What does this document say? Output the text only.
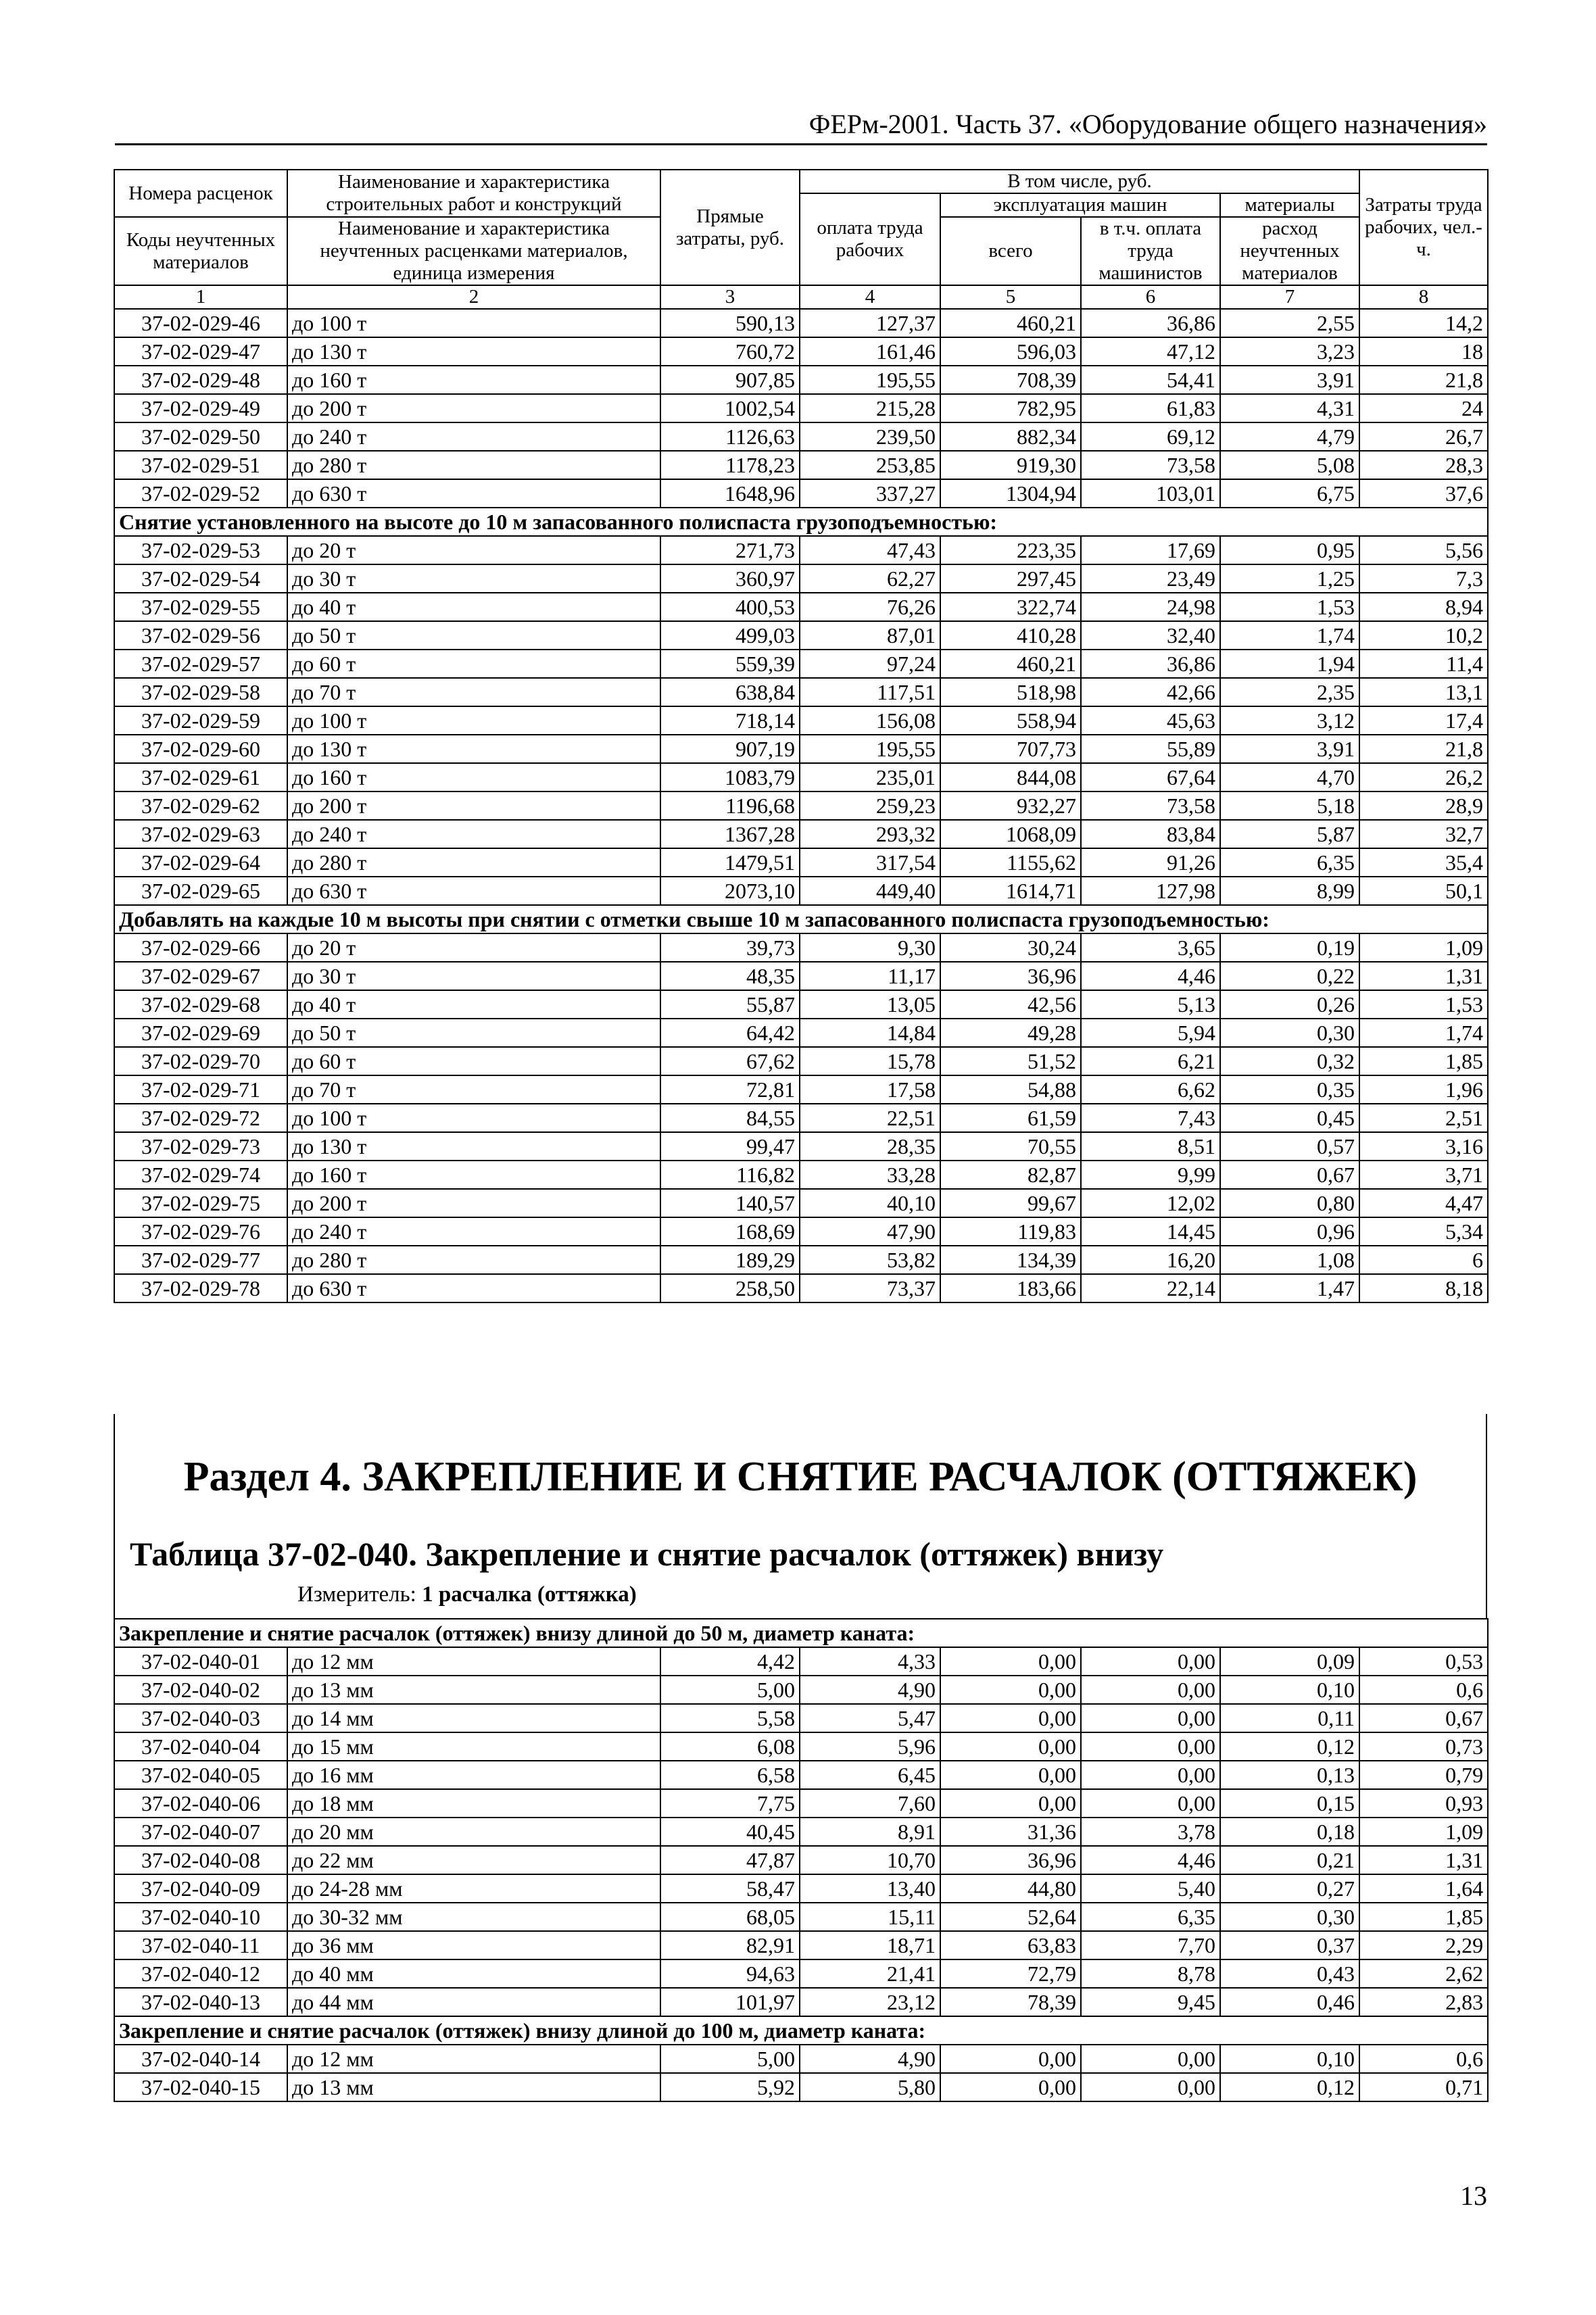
ФЕРм-2001. Часть 37. «Оборудование общего назначения»
Номера расценок	Наименование и характеристика строительных работ и конструкций	Прямые затраты, руб.	В том числе, руб.				Затраты труда рабочих, чел.-ч.
			оплата труда рабочих	эксплуатация машин		материалы	
Коды неучтенных материалов	Наименование и характеристика неучтенных расценками материалов, единица измерения			всего	в т.ч. оплата труда машинистов	расход неучтенных материалов	

1	2	3	4	5	6	7	8
37-02-029-46	до 100 т	590,13	127,37	460,21	36,86	2,55	14,2
37-02-029-47	до 130 т	760,72	161,46	596,03	47,12	3,23	18
37-02-029-48	до 160 т	907,85	195,55	708,39	54,41	3,91	21,8
37-02-029-49	до 200 т	1002,54	215,28	782,95	61,83	4,31	24
37-02-029-50	до 240 т	1126,63	239,50	882,34	69,12	4,79	26,7
37-02-029-51	до 280 т	1178,23	253,85	919,30	73,58	5,08	28,3
37-02-029-52	до 630 т	1648,96	337,27	1304,94	103,01	6,75	37,6
Снятие установленного на высоте до 10 м запасованного полиспаста грузоподъемностью:							
37-02-029-53	до 20 т	271,73	47,43	223,35	17,69	0,95	5,56
37-02-029-54	до 30 т	360,97	62,27	297,45	23,49	1,25	7,3
37-02-029-55	до 40 т	400,53	76,26	322,74	24,98	1,53	8,94
37-02-029-56	до 50 т	499,03	87,01	410,28	32,40	1,74	10,2
37-02-029-57	до 60 т	559,39	97,24	460,21	36,86	1,94	11,4
37-02-029-58	до 70 т	638,84	117,51	518,98	42,66	2,35	13,1
37-02-029-59	до 100 т	718,14	156,08	558,94	45,63	3,12	17,4
37-02-029-60	до 130 т	907,19	195,55	707,73	55,89	3,91	21,8
37-02-029-61	до 160 т	1083,79	235,01	844,08	67,64	4,70	26,2
37-02-029-62	до 200 т	1196,68	259,23	932,27	73,58	5,18	28,9
37-02-029-63	до 240 т	1367,28	293,32	1068,09	83,84	5,87	32,7
37-02-029-64	до 280 т	1479,51	317,54	1155,62	91,26	6,35	35,4
37-02-029-65	до 630 т	2073,10	449,40	1614,71	127,98	8,99	50,1
Добавлять на каждые 10 м высоты при снятии с отметки свыше 10 м запасованного полиспаста грузоподъемностью:							
37-02-029-66	до 20 т	39,73	9,30	30,24	3,65	0,19	1,09
37-02-029-67	до 30 т	48,35	11,17	36,96	4,46	0,22	1,31
37-02-029-68	до 40 т	55,87	13,05	42,56	5,13	0,26	1,53
37-02-029-69	до 50 т	64,42	14,84	49,28	5,94	0,30	1,74
37-02-029-70	до 60 т	67,62	15,78	51,52	6,21	0,32	1,85
37-02-029-71	до 70 т	72,81	17,58	54,88	6,62	0,35	1,96
37-02-029-72	до 100 т	84,55	22,51	61,59	7,43	0,45	2,51
37-02-029-73	до 130 т	99,47	28,35	70,55	8,51	0,57	3,16
37-02-029-74	до 160 т	116,82	33,28	82,87	9,99	0,67	3,71
37-02-029-75	до 200 т	140,57	40,10	99,67	12,02	0,80	4,47
37-02-029-76	до 240 т	168,69	47,90	119,83	14,45	0,96	5,34
37-02-029-77	до 280 т	189,29	53,82	134,39	16,20	1,08	6
37-02-029-78	до 630 т	258,50	73,37	183,66	22,14	1,47	8,18
Раздел 4. ЗАКРЕПЛЕНИЕ И СНЯТИЕ РАСЧАЛОК (ОТТЯЖЕК)
Таблица 37-02-040. Закрепление и снятие расчалок (оттяжек) внизу
Измеритель: 1 расчалка (оттяжка)
Закрепление и снятие расчалок (оттяжек) внизу длиной до 50 м, диаметр каната:							
37-02-040-01	до 12 мм	4,42	4,33	0,00	0,00	0,09	0,53
37-02-040-02	до 13 мм	5,00	4,90	0,00	0,00	0,10	0,6
37-02-040-03	до 14 мм	5,58	5,47	0,00	0,00	0,11	0,67
37-02-040-04	до 15 мм	6,08	5,96	0,00	0,00	0,12	0,73
37-02-040-05	до 16 мм	6,58	6,45	0,00	0,00	0,13	0,79
37-02-040-06	до 18 мм	7,75	7,60	0,00	0,00	0,15	0,93
37-02-040-07	до 20 мм	40,45	8,91	31,36	3,78	0,18	1,09
37-02-040-08	до 22 мм	47,87	10,70	36,96	4,46	0,21	1,31
37-02-040-09	до 24-28 мм	58,47	13,40	44,80	5,40	0,27	1,64
37-02-040-10	до 30-32 мм	68,05	15,11	52,64	6,35	0,30	1,85
37-02-040-11	до 36 мм	82,91	18,71	63,83	7,70	0,37	2,29
37-02-040-12	до 40 мм	94,63	21,41	72,79	8,78	0,43	2,62
37-02-040-13	до 44 мм	101,97	23,12	78,39	9,45	0,46	2,83
Закрепление и снятие расчалок (оттяжек) внизу длиной до 100 м, диаметр каната:							
37-02-040-14	до 12 мм	5,00	4,90	0,00	0,00	0,10	0,6
37-02-040-15	до 13 мм	5,92	5,80	0,00	0,00	0,12	0,71
13
